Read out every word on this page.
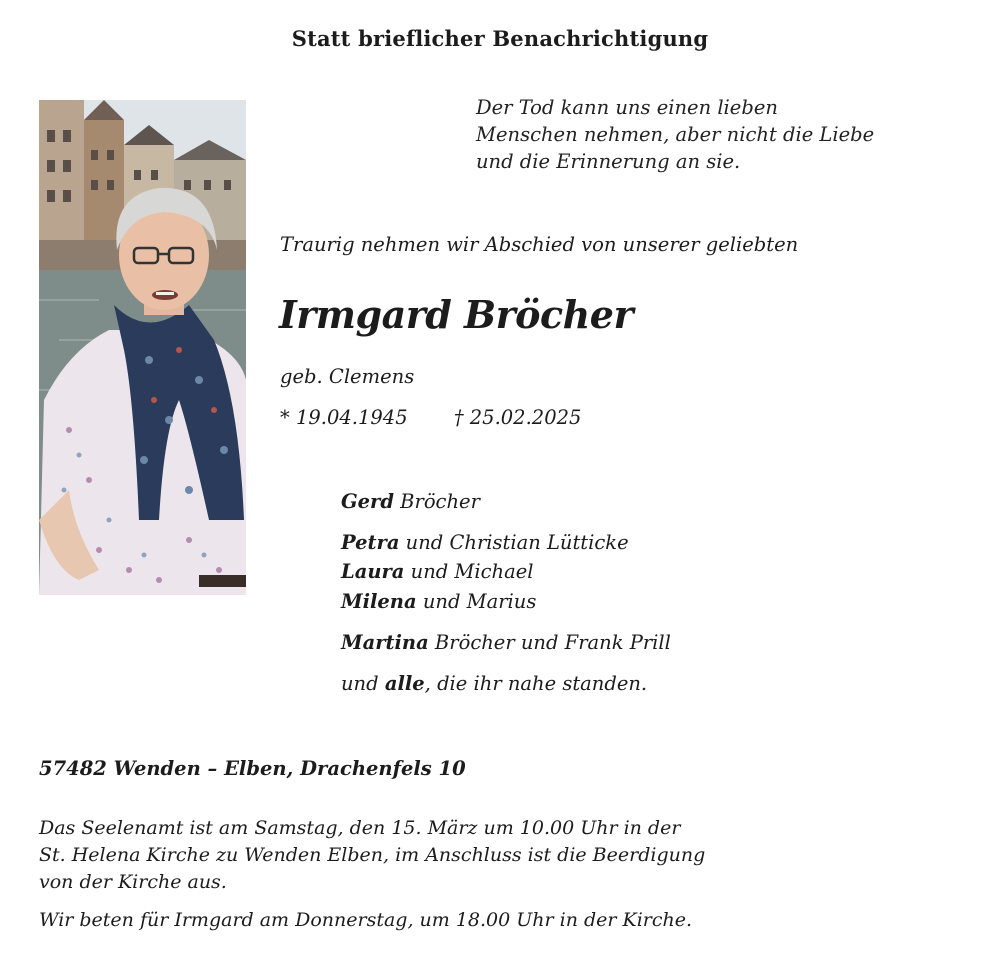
Statt brieflicher Benachrichtigung
Der Tod kann uns einen lieben
Menschen nehmen, aber nicht die Liebe
und die Erinnerung an sie.
Traurig nehmen wir Abschied von unserer geliebten
Irmgard Bröcher
geb. Clemens
* 19.04.1945 † 25.02.2025
Gerd Bröcher
Petra und Christian Lütticke
Laura und Michael
Milena und Marius
Martina Bröcher und Frank Prill
und alle, die ihr nahe standen.
57482 Wenden – Elben, Drachenfels 10
Das Seelenamt ist am Samstag, den 15. März um 10.00 Uhr in der
St. Helena Kirche zu Wenden Elben, im Anschluss ist die Beerdigung
von der Kirche aus.
Wir beten für Irmgard am Donnerstag, um 18.00 Uhr in der Kirche.
